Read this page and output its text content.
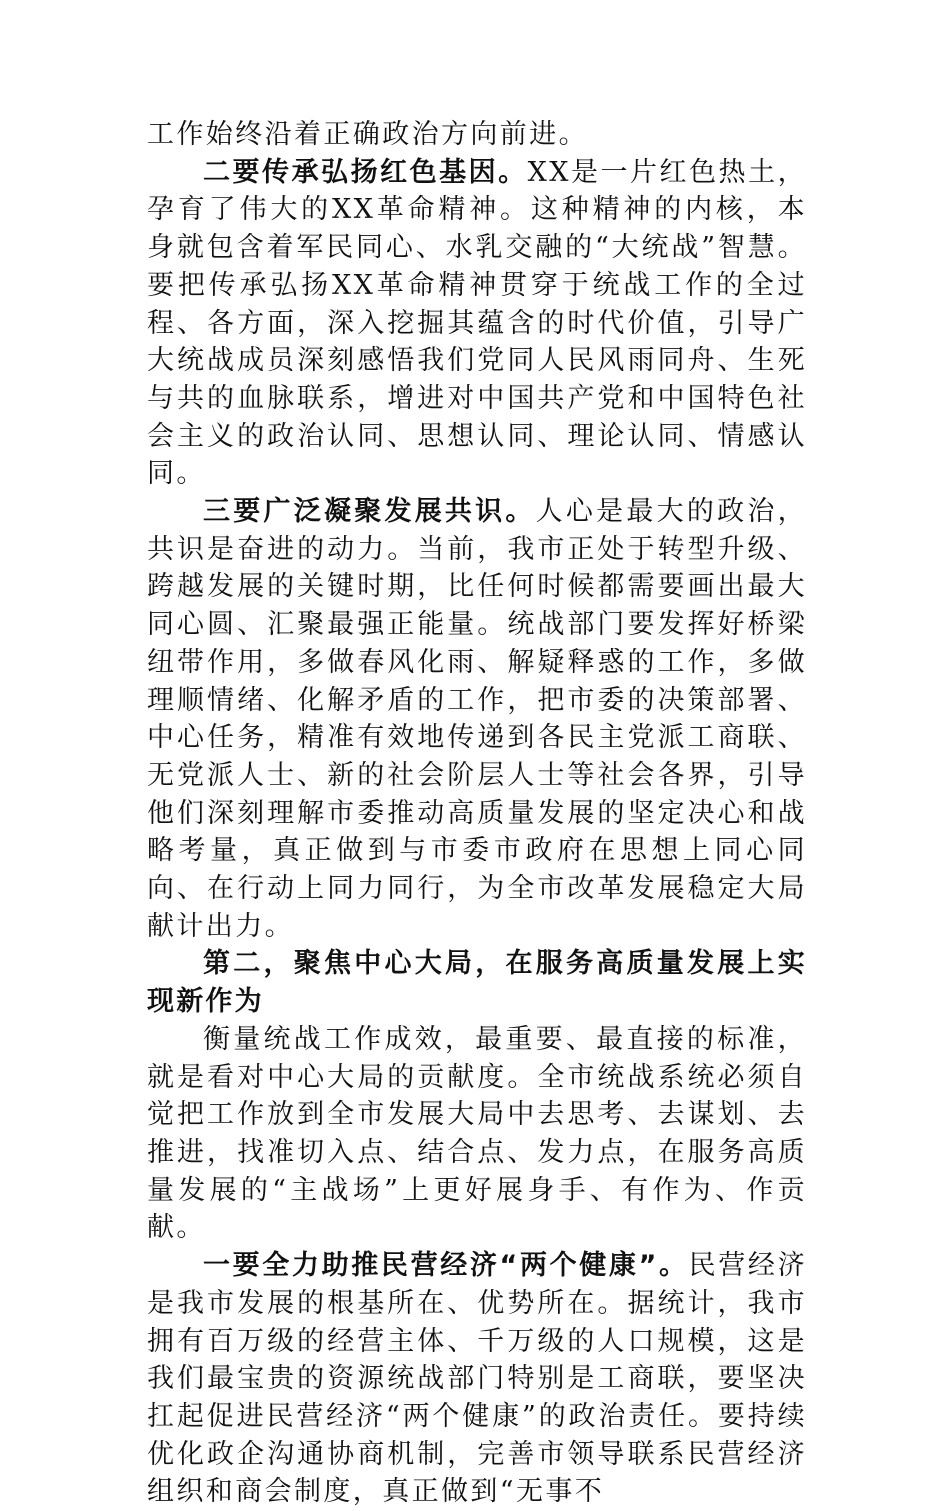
工作始终沿着正确政治方向前进。

二要传承弘扬红色基因。XX是一片红色热土，孕育了伟大的XX革命精神。这种精神的内核，本身就包含着军民同心、水乳交融的“大统战”智慧。要把传承弘扬XX革命精神贯穿于统战工作的全过程、各方面，深入挖掘其蕴含的时代价值，引导广大统战成员深刻感悟我们党同人民风雨同舟、生死与共的血脉联系，增进对中国共产党和中国特色社会主义的政治认同、思想认同、理论认同、情感认同。

三要广泛凝聚发展共识。人心是最大的政治，共识是奋进的动力。当前，我市正处于转型升级、跨越发展的关键时期，比任何时候都需要画出最大同心圆、汇聚最强正能量。统战部门要发挥好桥梁纽带作用，多做春风化雨、解疑释惑的工作，多做理顺情绪、化解矛盾的工作，把市委的决策部署、中心任务，精准有效地传递到各民主党派工商联、无党派人士、新的社会阶层人士等社会各界，引导他们深刻理解市委推动高质量发展的坚定决心和战略考量，真正做到与市委市政府在思想上同心同向、在行动上同力同行，为全市改革发展稳定大局献计出力。

第二，聚焦中心大局，在服务高质量发展上实现新作为

衡量统战工作成效，最重要、最直接的标准，就是看对中心大局的贡献度。全市统战系统必须自觉把工作放到全市发展大局中去思考、去谋划、去推进，找准切入点、结合点、发力点，在服务高质量发展的“主战场”上更好展身手、有作为、作贡献。

一要全力助推民营经济“两个健康”。民营经济是我市发展的根基所在、优势所在。据统计，我市拥有百万级的经营主体、千万级的人口规模，这是我们最宝贵的资源统战部门特别是工商联，要坚决扛起促进民营经济“两个健康”的政治责任。要持续优化政企沟通协商机制，完善市领导联系民营经济组织和商会制度，真正做到“无事不
